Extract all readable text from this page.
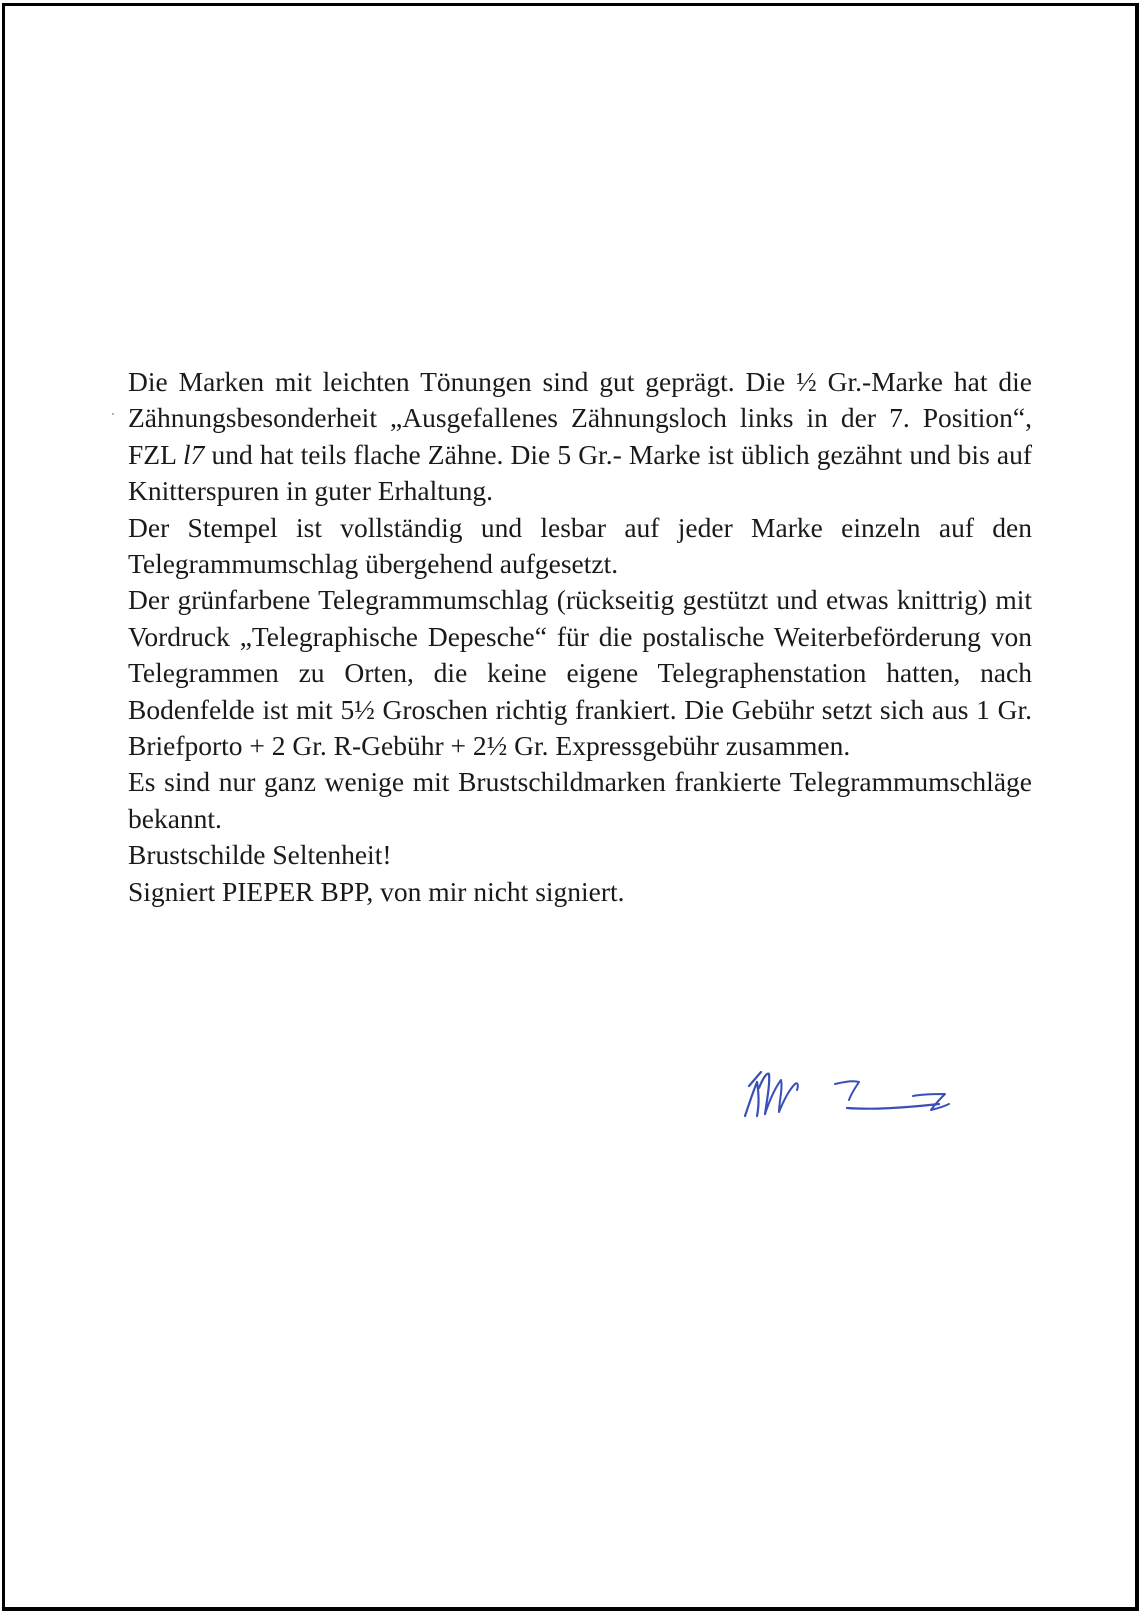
Die Marken mit leichten Tönungen sind gut geprägt. Die ½ Gr.-Marke hat die Zähnungsbesonderheit „Ausgefallenes Zähnungsloch links in der 7. Position“, FZL l7 und hat teils flache Zähne. Die 5 Gr.- Marke ist üblich gezähnt und bis auf Knitterspuren in guter Erhaltung.

Der Stempel ist vollständig und lesbar auf jeder Marke einzeln auf den Telegrammumschlag übergehend aufgesetzt.

Der grünfarbene Telegrammumschlag (rückseitig gestützt und etwas knittrig) mit Vordruck „Telegraphische Depesche“ für die postalische Weiterbeförderung von Telegrammen zu Orten, die keine eigene Telegraphenstation hatten, nach Bodenfelde ist mit 5½ Groschen richtig frankiert. Die Gebühr setzt sich aus 1 Gr. Briefporto + 2 Gr. R-Gebühr + 2½ Gr. Expressgebühr zusammen.

Es sind nur ganz wenige mit Brustschildmarken frankierte Telegrammumschläge bekannt.

Brustschilde Seltenheit!

Signiert PIEPER BPP, von mir nicht signiert.
